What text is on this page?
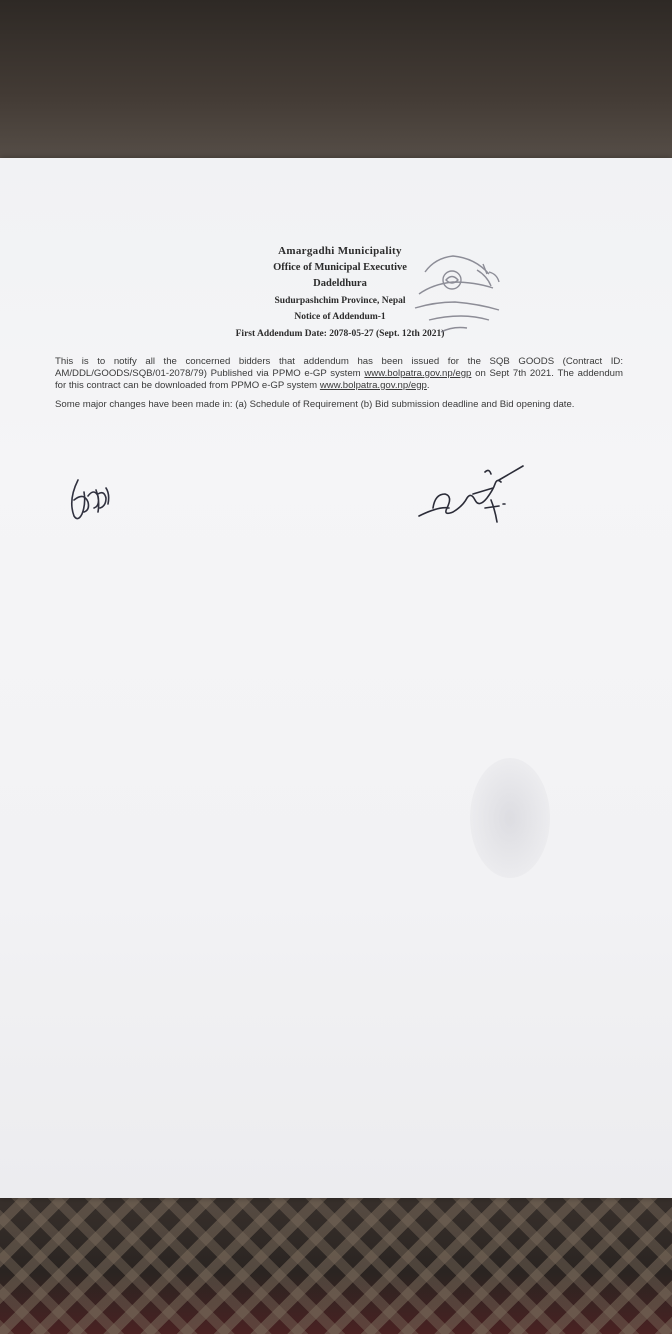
Amargadhi Municipality
Office of Municipal Executive
Dadeldhura
Sudurpashchim Province, Nepal
Notice of Addendum-1
First Addendum Date: 2078-05-27 (Sept. 12th 2021)

This is to notify all the concerned bidders that addendum has been issued for the SQB GOODS (Contract ID: AM/DDL/GOODS/SQB/01-2078/79) Published via PPMO e-GP system www.bolpatra.gov.np/egp on Sept 7th 2021. The addendum for this contract can be downloaded from PPMO e-GP system www.bolpatra.gov.np/egp.

Some major changes have been made in: (a) Schedule of Requirement (b) Bid submission deadline and Bid opening date.
